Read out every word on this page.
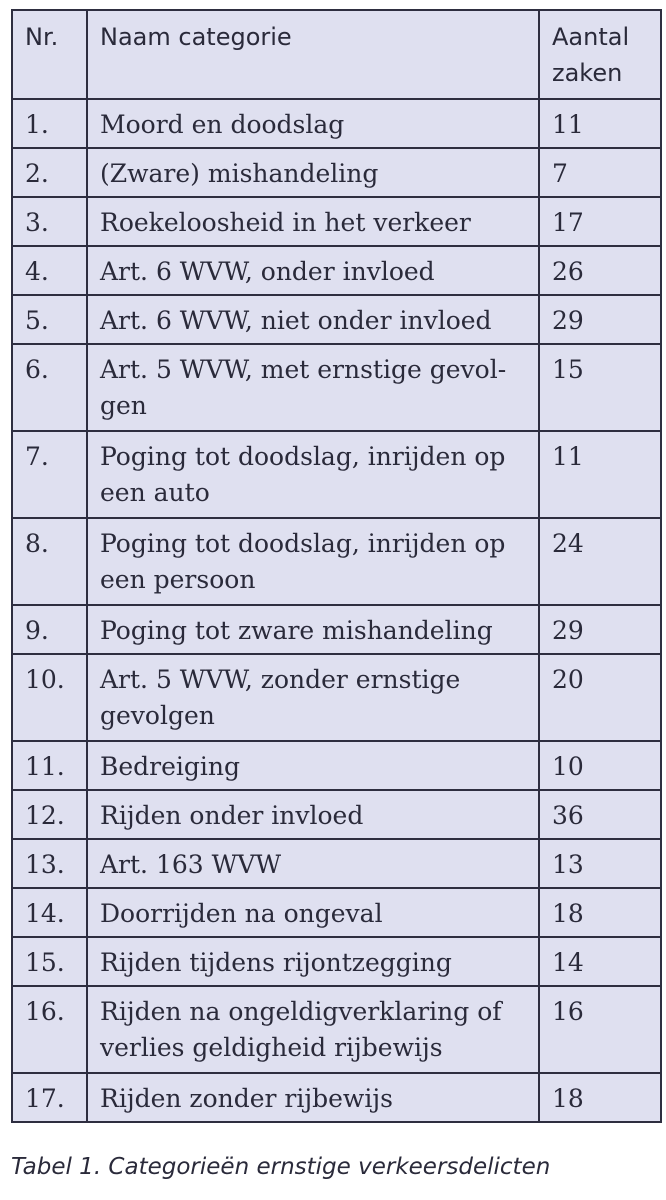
Nr.	Naam categorie	Aantal zaken
1.	Moord en doodslag	11
2.	(Zware) mishandeling	7
3.	Roekeloosheid in het verkeer	17
4.	Art. 6 WVW, onder invloed	26
5.	Art. 6 WVW, niet onder invloed	29
6.	Art. 5 WVW, met ernstige gevol-gen	15
7.	Poging tot doodslag, inrijden op een auto	11
8.	Poging tot doodslag, inrijden op een persoon	24
9.	Poging tot zware mishandeling	29
10.	Art. 5 WVW, zonder ernstige gevolgen	20
11.	Bedreiging	10
12.	Rijden onder invloed	36
13.	Art. 163 WVW	13
14.	Doorrijden na ongeval	18
15.	Rijden tijdens rijontzegging	14
16.	Rijden na ongeldigverklaring of verlies geldigheid rijbewijs	16
17.	Rijden zonder rijbewijs	18
Tabel 1. Categorieën ernstige verkeersdelicten
